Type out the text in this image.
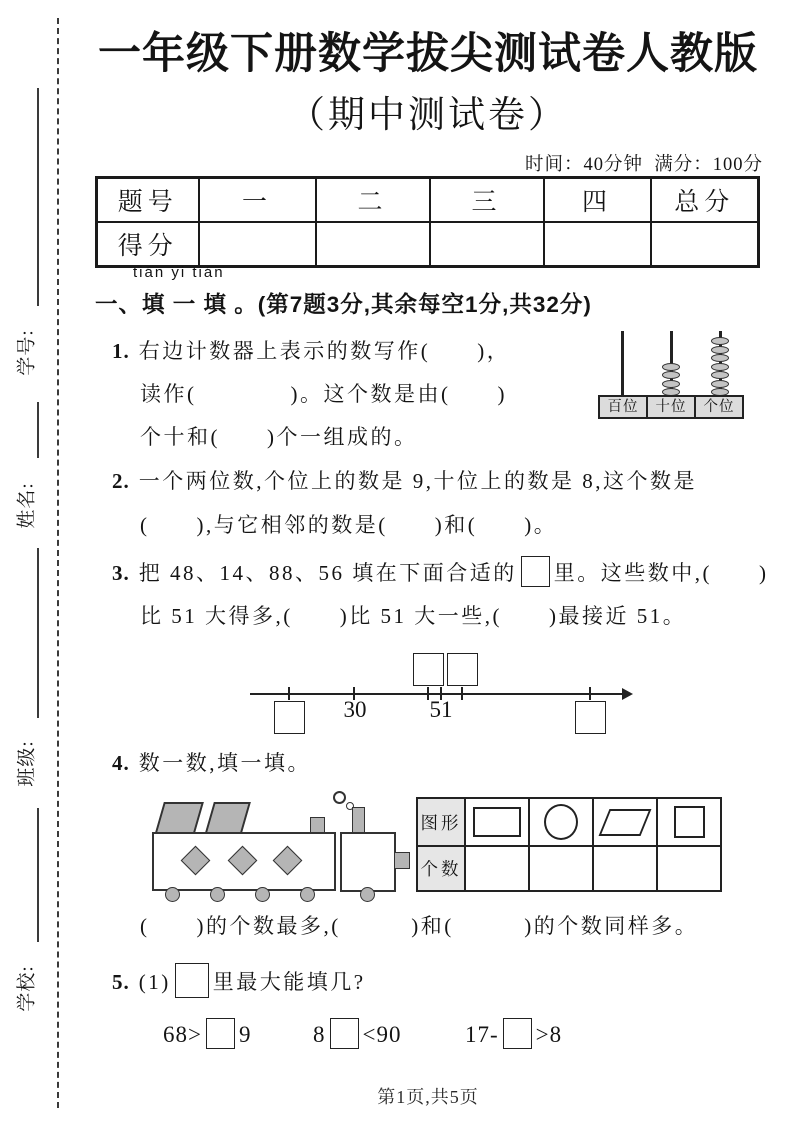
学号:
姓名:
班级:
学校:
一年级下册数学拔尖测试卷人教版
（期中测试卷）
时间：40分钟  满分：100分
题号	一	二	三	四	总分
得分					
tián yi tián
一、填 一 填 。(第7题3分,其余每空1分,共32分)
1. 右边计数器上表示的数写作(　　)，
读作(　　　　)。这个数是由(　　)
个十和(　　)个一组成的。
百位	十位	个位
2. 一个两位数,个位上的数是 9,十位上的数是 8,这个数是
(　　),与它相邻的数是(　　)和(　　)。
3. 把 48、14、88、56 填在下面合适的 里。这些数中,(　　)
比 51 大得多,(　　)比 51 大一些,(　　)最接近 51。
30	51
4. 数一数,填一填。
图形	

个数				
(　　)的个数最多,(　　　)和(　　　)的个数同样多。
5. (1) 里最大能填几?
68> 9	8 <90	17- >8
第1页,共5页
